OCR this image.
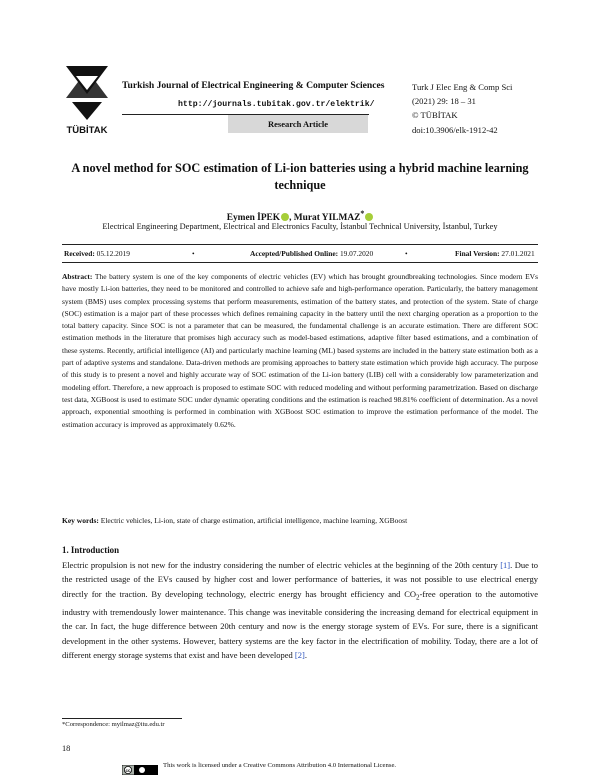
TÜBİTAK
Turkish Journal of Electrical Engineering & Computer Sciences
http://journals.tubitak.gov.tr/elektrik/
Research Article
Turk J Elec Eng & Comp Sci
(2021) 29: 18 – 31
© TÜBİTAK
doi:10.3906/elk-1912-42
A novel method for SOC estimation of Li-ion batteries using a hybrid machine learning technique
Eymen İPEK , Murat YILMAZ*
Electrical Engineering Department, Electrical and Electronics Faculty, İstanbul Technical University, İstanbul, Turkey
Received: 05.12.2019	•	Accepted/Published Online: 19.07.2020	•	Final Version: 27.01.2021
Abstract: The battery system is one of the key components of electric vehicles (EV) which has brought groundbreaking technologies. Since modern EVs have mostly Li-ion batteries, they need to be monitored and controlled to achieve safe and high-performance operation. Particularly, the battery management system (BMS) uses complex processing systems that perform measurements, estimation of the battery states, and protection of the system. State of charge (SOC) estimation is a major part of these processes which defines remaining capacity in the battery until the next charging operation as a proportion to the total battery capacity. Since SOC is not a parameter that can be measured, the fundamental challenge is an accurate estimation. There are different SOC estimation methods in the literature that promises high accuracy such as model-based estimations, adaptive filter based estimations, and a combination of these systems. Recently, artificial intelligence (AI) and particularly machine learning (ML) based systems are included in the battery state estimation both as a part of adaptive systems and standalone. Data-driven methods are promising approaches to battery state estimation which provide high accuracy. The purpose of this study is to present a novel and highly accurate way of SOC estimation of the Li-ion battery (LIB) cell with a considerably low parameterization and modeling effort. Therefore, a new approach is proposed to estimate SOC with reduced modeling and without performing parametrization. Based on discharge test data, XGBoost is used to estimate SOC under dynamic operating conditions and the estimation is reached 98.81% coefficient of determination. As a novel approach, exponential smoothing is performed in combination with XGBoost SOC estimation to improve the estimation performance of the model. The estimation accuracy is improved as approximately 0.62%.
Key words: Electric vehicles, Li-ion, state of charge estimation, artificial intelligence, machine learning, XGBoost
1. Introduction
Electric propulsion is not new for the industry considering the number of electric vehicles at the beginning of the 20th century [1]. Due to the restricted usage of the EVs caused by higher cost and lower performance of batteries, it was not possible to use electrical energy directly for the traction. By developing technology, electric energy has brought efficiency and $CO_2$-free operation to the automotive industry with tremendously lower maintenance. This change was inevitable considering the increasing demand for electrical equipment in the car. In fact, the huge difference between 20th century and now is the energy storage system of EVs. For sure, there is a significant development in the other systems. However, battery systems are the key factor in the electrification of mobility. Today, there are a lot of different energy storage systems that exist and have been developed [2].
*Correspondence: myilmaz@itu.edu.tr
18
cc
This work is licensed under a Creative Commons Attribution 4.0 International License.
